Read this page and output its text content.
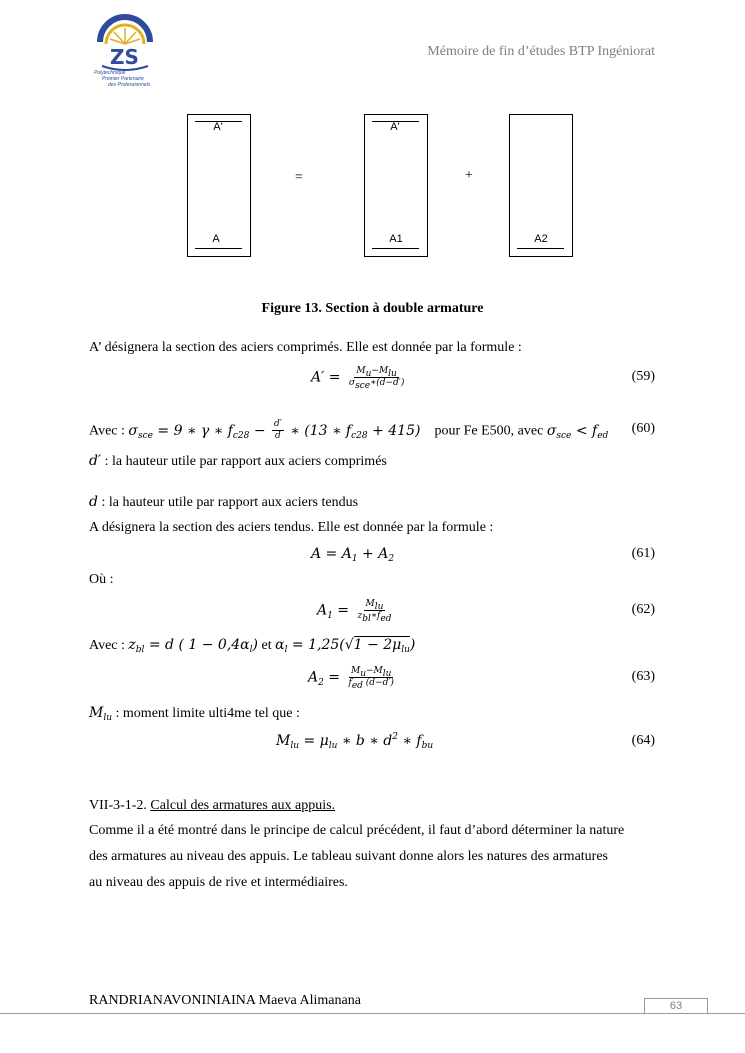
ZS
Polytechnique
Premier Partenaire
des Professionnels
Mémoire de fin d’études BTP Ingéniorat
A'
A
=
A'
A1
+
A2
Figure 13. Section à double armature
A’ désignera la section des aciers comprimés. Elle est donnée par la formule :
$A' = \frac{\text{Mu−Mlu}}{\text{σsce∗(d−d′)}}$	(59)
Avec : $\sigma_{sce} = 9$ ∗ γ ∗ $f_{c28} - \frac{d'}{d}$ ∗ (13 ∗ $f_{c28} + 415$) pour Fe E500, avec $\sigma_{sce} < f_{ed}$ (60)
d′ : la hauteur utile par rapport aux aciers comprimés
d : la hauteur utile par rapport aux aciers tendus
A désignera la section des aciers tendus. Elle est donnée par la formule :
$A = A_1 + A_2$	(61)
Où :
$A_1 = \frac{\text{Mlu}}{\text{zbl∗fed}}$	(62)
Avec : $z_{bl} = d$ ( $1 - 0,4\alpha_l$) et $\alpha_l = 1,25(√1 - 2\mu_{lu})$
$A_2 = \frac{\text{Mu−Mlu}}{\text{fed (d−d′)}}$	(63)
$M_{lu}$ : moment limite ulti4me tel que :
$M_{lu} = \mu_{lu}$ ∗ b ∗ $d^2$ ∗ $f_{bu}$	(64)
VII-3-1-2. Calcul des armatures aux appuis.
Comme il a été montré dans le principe de calcul précédent, il faut d’abord déterminer la nature
des armatures au niveau des appuis. Le tableau suivant donne alors les natures des armatures
au niveau des appuis de rive et intermédiaires.
RANDRIANAVONINIAINA Maeva Alimanana	63
